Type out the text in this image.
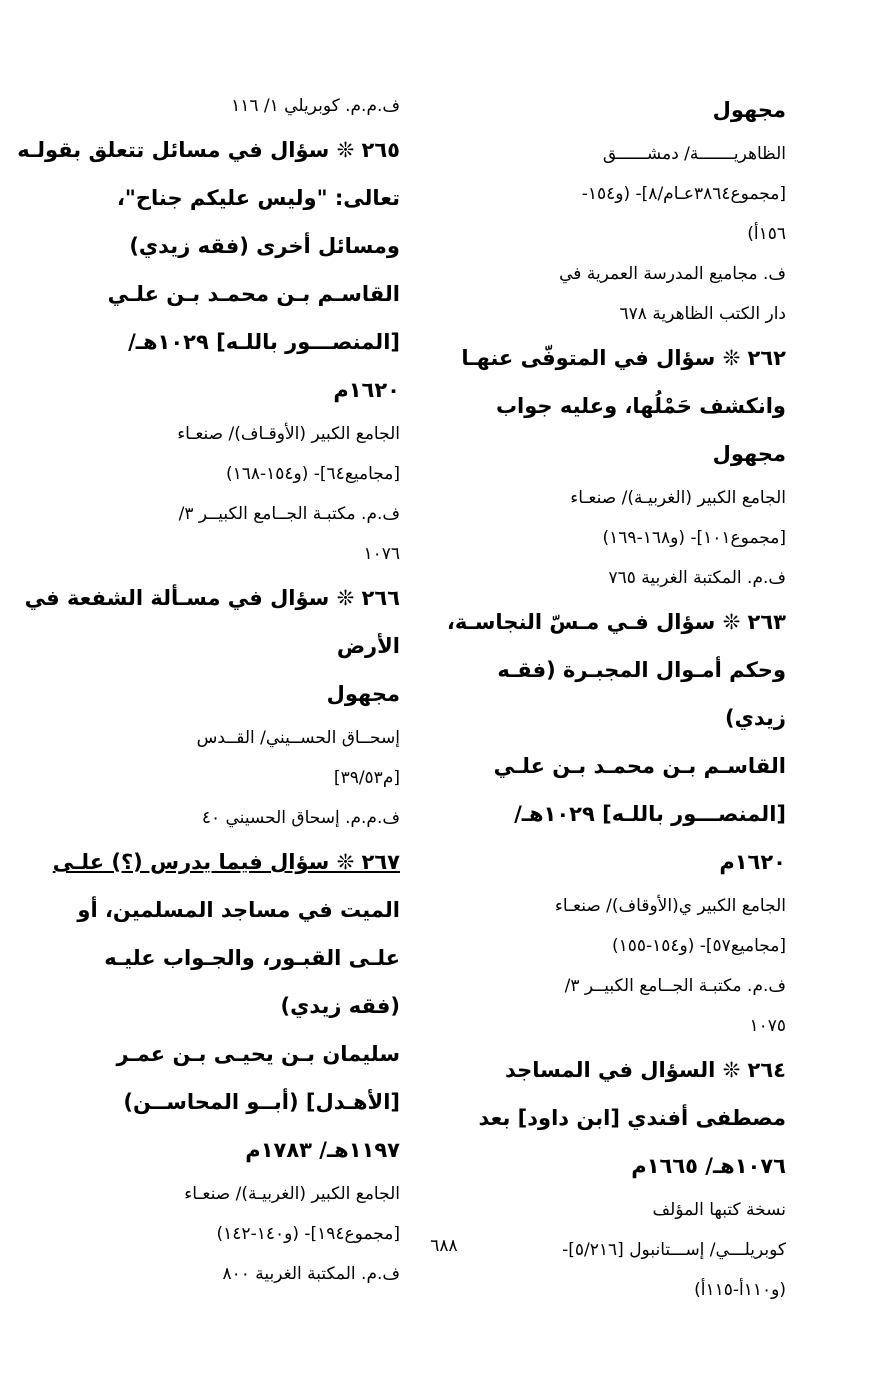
مجهول

الظاهريـــــــة/ دمشــــــق

[مجموع٣٨٦٤عـام/٨]- (و١٥٤-

١٥٦أ)

ف. مجاميع المدرسة العمرية في

دار الكتب الظاهرية ٦٧٨

٢٦٢ ❊ سؤال في المتوفّى عنهـا

وانكشف حَمْلُها، وعليه جواب

مجهول

الجامع الكبير (الغربيـة)/ صنعـاء

[مجموع١٠١]- (و١٦٨-١٦٩)

ف.م. المكتبة الغربية ٧٦٥

٢٦٣ ❊ سؤال فـي مـسّ النجاسـة،

وحكم أمـوال المجبـرة (فقـه

زيدي)

القاسـم بـن محمـد بـن علـي

[المنصـــور باللـه] ١٠٢٩هـ/

١٦٢٠م

الجامع الكبير ي(الأوقاف)/ صنعـاء

[مجاميع٥٧]- (و١٥٤-١٥٥)

ف.م. مكتبـة الجــامع الكبيــر ٣/

١٠٧٥

٢٦٤ ❊ السؤال في المساجد

مصطفى أفندي [ابن داود] بعد

١٠٧٦هـ/ ١٦٦٥م

نسخة كتبها المؤلف

كوبريلـــي/ إســـتانبول [٥/٢١٦]-

(و١١٠أ-١١٥أ)

ف.م.م. كوبريلي ١/ ١١٦

٢٦٥ ❊ سؤال في مسائل تتعلق بقولـه

تعالى: "وليس عليكم جناح"،

ومسائل أخرى (فقه زيدي)

القاسـم بـن محمـد بـن علـي

[المنصـــور باللـه] ١٠٢٩هـ/

١٦٢٠م

الجامع الكبير (الأوقـاف)/ صنعـاء

[مجاميع٦٤]- (و١٥٤-١٦٨)

ف.م. مكتبـة الجــامع الكبيــر ٣/

١٠٧٦

٢٦٦ ❊ سؤال في مسـألة الشفعة في

الأرض

مجهول

إسحــاق الحســيني/ القــدس

[م٣٩/٥٣]

ف.م.م. إسحاق الحسيني ٤٠

٢٦٧ ❊ سؤال فيما يدرس (؟) علـى

الميت في مساجد المسلمين، أو

علـى القبـور، والجـواب عليـه

(فقه زيدي)

سليمان بـن يحيـى بـن عمـر

[الأهـدل] (أبــو المحاســن)

١١٩٧هـ/ ١٧٨٣م

الجامع الكبير (الغربيـة)/ صنعـاء

[مجموع١٩٤]- (و١٤٠-١٤٢)

ف.م. المكتبة الغربية ٨٠٠

٦٨٨
